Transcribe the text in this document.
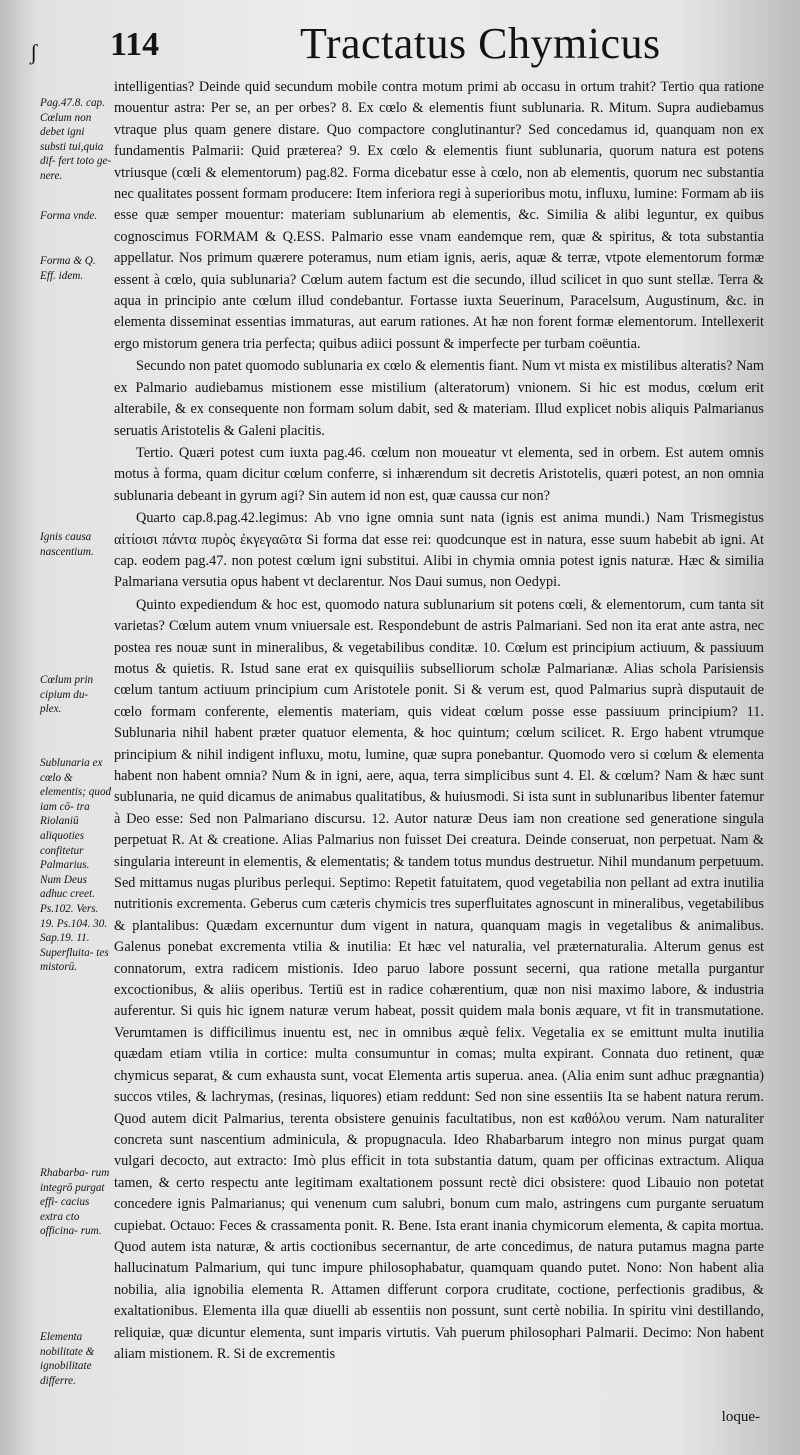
ʃ 114	Tractatus Chymicus
Pag.47.8. cap. Cœlum non debet igni substi tui,quia dif- fert toto ge- nere.
Forma vnde.
Forma & Q. Eff. idem.
Ignis causa nascentium.
Cœlum prin cipium du- plex.
Sublunaria ex cœlo & elementis; quod iam cō- tra Riolaniū aliquoties confitetur Palmarius. Num Deus adhuc creet. Ps.102. Vers. 19. Ps.104. 30. Sap.19. 11. Superfluita- tes mistorū.
Rhabarba- rum integrō purgat effi- cacius extra cto officina- rum.
Elementa nobilitate & ignobilitate differre.

intelligentias? Deinde quid secundum mobile contra motum primi ab occasu in ortum trahit? Tertio qua ratione mouentur astra: Per se, an per orbes? 8. Ex cœlo & elementis fiunt sublunaria. R. Mitum. Supra audiebamus vtraque plus quam genere distare. Quo compactore conglutinantur? Sed concedamus id, quanquam non ex fundamentis Palmarii: Quid præterea? 9. Ex cœlo & elementis fiunt sublunaria, quorum natura est potens vtriusque (cœli & elementorum) pag.82. Forma dicebatur esse à cœlo, non ab elementis, quorum nec substantia nec qualitates possent formam producere: Item inferiora regi à superioribus motu, influxu, lumine: Formam ab iis esse quæ semper mouentur: materiam sublunarium ab elementis, &c. Similia & alibi leguntur, ex quibus cognoscimus FORMAM & Q.ESS. Palmario esse vnam eandemque rem, quæ & spiritus, & tota substantia appellatur. Nos primum quærere poteramus, num etiam ignis, aeris, aquæ & terræ, vtpote elementorum formæ essent à cœlo, quia sublunaria? Cœlum autem factum est die secundo, illud scilicet in quo sunt stellæ. Terra & aqua in principio ante cœlum illud condebantur. Fortasse iuxta Seuerinum, Paracelsum, Augustinum, &c. in elementa disseminat essentias immaturas, aut earum rationes. At hæ non forent formæ elementorum. Intellexerit ergo mistorum genera tria perfecta; quibus adiici possunt & imperfecte per turbam coëuntia.

Secundo non patet quomodo sublunaria ex cœlo & elementis fiant. Num vt mista ex mistilibus alteratis? Nam ex Palmario audiebamus mistionem esse mistilium (alteratorum) vnionem. Si hic est modus, cœlum erit alterabile, & ex consequente non formam solum dabit, sed & materiam. Illud explicet nobis aliquis Palmarianus seruatis Aristotelis & Galeni placitis.

Tertio. Quæri potest cum iuxta pag.46. cœlum non moueatur vt elementa, sed in orbem. Est autem omnis motus à forma, quam dicitur cœlum conferre, si inhærendum sit decretis Aristotelis, quæri potest, an non omnia sublunaria debeant in gyrum agi? Sin autem id non est, quæ caussa cur non?

Quarto cap.8.pag.42.legimus: Ab vno igne omnia sunt nata (ignis est anima mundi.) Nam Trismegistus αἰτίοισι πάντα πυρὸς ἐκγεγαῶτα Si forma dat esse rei: quodcunque est in natura, esse suum habebit ab igni. At cap. eodem pag.47. non potest cœlum igni substitui. Alibi in chymia omnia potest ignis naturæ. Hæc & similia Palmariana versutia opus habent vt declarentur. Nos Daui sumus, non Oedypi.

Quinto expediendum & hoc est, quomodo natura sublunarium sit potens cœli, & elementorum, cum tanta sit varietas? Cœlum autem vnum vniuersale est. Respondebunt de astris Palmariani. Sed non ita erat ante astra, nec postea res nouæ sunt in mineralibus, & vegetabilibus conditæ. 10. Cœlum est principium actiuum, & passiuum motus & quietis. R. Istud sane erat ex quisquiliis subselliorum scholæ Palmarianæ. Alias schola Parisiensis cœlum tantum actiuum principium cum Aristotele ponit. Si & verum est, quod Palmarius suprà disputauit de cœlo formam conferente, elementis materiam, quis videat cœlum posse esse passiuum principium? 11. Sublunaria nihil habent præter quatuor elementa, & hoc quintum; cœlum scilicet. R. Ergo habent vtrumque principium & nihil indigent influxu, motu, lumine, quæ supra ponebantur. Quomodo vero si cœlum & elementa habent non habent omnia? Num & in igni, aere, aqua, terra simplicibus sunt 4. El. & cœlum? Nam & hæc sunt sublunaria, ne quid dicamus de animabus qualitatibus, & huiusmodi. Si ista sunt in sublunaribus libenter fatemur à Deo esse: Sed non Palmariano discursu. 12. Autor naturæ Deus iam non creatione sed generatione singula perpetuat R. At & creatione. Alias Palmarius non fuisset Dei creatura. Deinde conseruat, non perpetuat. Nam & singularia intereunt in elementis, & elementatis; & tandem totus mundus destruetur. Nihil mundanum perpetuum. Sed mittamus nugas pluribus perlequi. Septimo: Repetit fatuitatem, quod vegetabilia non pellant ad extra inutilia nutritionis excrementa. Geberus cum cæteris chymicis tres superfluitates agnoscunt in mineralibus, vegetabilibus & plantalibus: Quædam excernuntur dum vigent in natura, quanquam magis in vegetalibus & animalibus. Galenus ponebat excrementa vtilia & inutilia: Et hæc vel naturalia, vel præternaturalia. Alterum genus est connatorum, extra radicem mistionis. Ideo paruo labore possunt secerni, qua ratione metalla purgantur excoctionibus, & aliis operibus. Tertiū est in radice cohærentium, quæ non nisi maximo labore, & industria auferentur. Si quis hic ignem naturæ verum habeat, possit quidem mala bonis æquare, vt fit in transmutatione. Verumtamen is difficilimus inuentu est, nec in omnibus æquè felix. Vegetalia ex se emittunt multa inutilia quædam etiam vtilia in cortice: multa consumuntur in comas; multa expirant. Connata duo retinent, quæ chymicus separat, & cum exhausta sunt, vocat Elementa artis superua. anea. (Alia enim sunt adhuc prægnantia) succos vtiles, & lachrymas, (resinas, liquores) etiam reddunt: Sed non sine essentiis Ita se habent natura rerum. Quod autem dicit Palmarius, terenta obsistere genuinis facultatibus, non est καθόλου verum. Nam naturaliter concreta sunt nascentium adminicula, & propugnacula. Ideo Rhabarbarum integro non minus purgat quam vulgari decocto, aut extracto: Imò plus efficit in tota substantia datum, quam per officinas extractum. Aliqua tamen, & certo respectu ante legitimam exaltationem possunt rectè dici obsistere: quod Libauio non potetat concedere ignis Palmarianus; qui venenum cum salubri, bonum cum malo, astringens cum purgante seruatum cupiebat. Octauo: Feces & crassamenta ponit. R. Bene. Ista erant inania chymicorum elementa, & capita mortua. Quod autem ista naturæ, & artis coctionibus secernantur, de arte concedimus, de natura putamus magna parte hallucinatum Palmarium, qui tunc impure philosophabatur, quamquam quando putet. Nono: Non habent alia nobilia, alia ignobilia elementa R. Attamen differunt corpora cruditate, coctione, perfectionis gradibus, & exaltationibus. Elementa illa quæ diuelli ab essentiis non possunt, sunt certè nobilia. In spiritu vini destillando, reliquiæ, quæ dicuntur elementa, sunt imparis virtutis. Vah puerum philosophari Palmarii. Decimo: Non habent aliam mistionem. R. Si de excrementis

loque-
